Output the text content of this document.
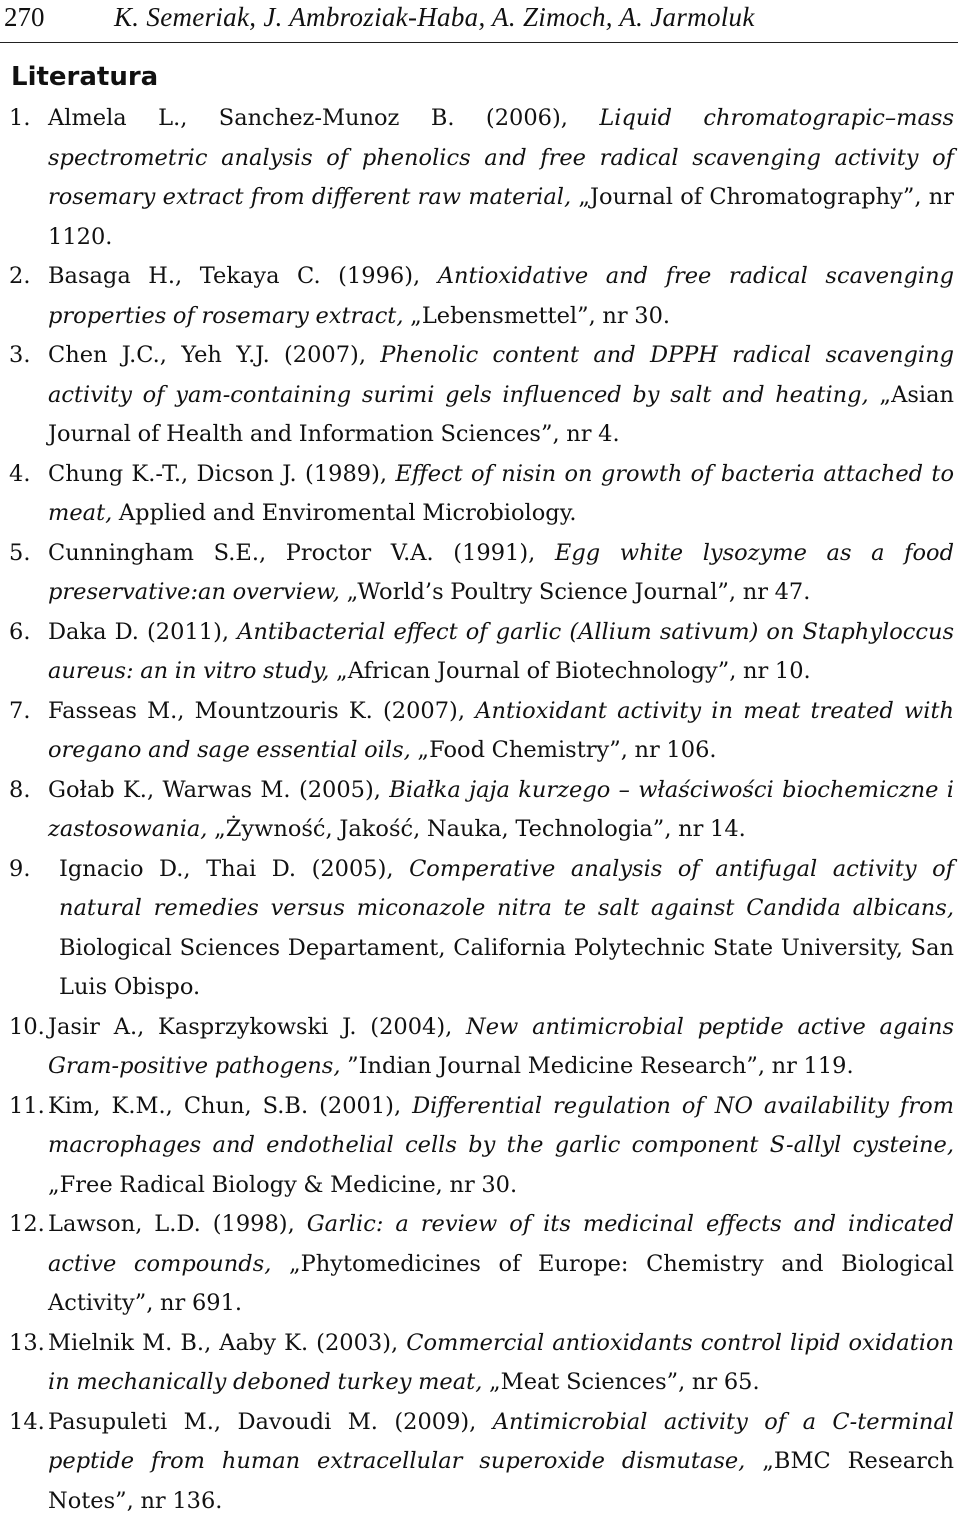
270	K. Semeriak, J. Ambroziak-Haba, A. Zimoch, A. Jarmoluk
Literatura
1. Almela L., Sanchez-Munoz B. (2006), Liquid chromatograpic–mass spectrometric analysis of phenolics and free radical scavenging activity of rosemary extract from different raw material, „Journal of Chromatography”, nr 1120.
2. Basaga H., Tekaya C. (1996), Antioxidative and free radical scavenging properties of rosemary extract, „Lebensmettel”, nr 30.
3. Chen J.C., Yeh Y.J. (2007), Phenolic content and DPPH radical scavenging activity of yam-containing surimi gels influenced by salt and heating, „Asian Journal of Health and Information Sciences”, nr 4.
4. Chung K.-T., Dicson J. (1989), Effect of nisin on growth of bacteria attached to meat, Applied and Enviromental Microbiology.
5. Cunningham S.E., Proctor V.A. (1991), Egg white lysozyme as a food preservative:an overview, „World’s Poultry Science Journal”, nr 47.
6. Daka D. (2011), Antibacterial effect of garlic (Allium sativum) on Staphyloccus aureus: an in vitro study, „African Journal of Biotechnology”, nr 10.
7. Fasseas M., Mountzouris K. (2007), Antioxidant activity in meat treated with oregano and sage essential oils, „Food Chemistry”, nr 106.
8. Gołab K., Warwas M. (2005), Białka jaja kurzego – właściwości biochemiczne i zastosowania, „Żywność, Jakość, Nauka, Technologia”, nr 14.
9. Ignacio D., Thai D. (2005), Comperative analysis of antifugal activity of natural remedies versus miconazole nitra te salt against Candida albicans, Biological Sciences Departament, California Polytechnic State University, San Luis Obispo.
10. Jasir A., Kasprzykowski J. (2004), New antimicrobial peptide active agains Gram-positive pathogens, ”Indian Journal Medicine Research”, nr 119.
11. Kim, K.M., Chun, S.B. (2001), Differential regulation of NO availability from macrophages and endothelial cells by the garlic component S-allyl cysteine, „Free Radical Biology & Medicine, nr 30.
12. Lawson, L.D. (1998), Garlic: a review of its medicinal effects and indicated active compounds, „Phytomedicines of Europe: Chemistry and Biological Activity”, nr 691.
13. Mielnik M. B., Aaby K. (2003), Commercial antioxidants control lipid oxidation in mechanically deboned turkey meat, „Meat Sciences”, nr 65.
14. Pasupuleti M., Davoudi M. (2009), Antimicrobial activity of a C-terminal peptide from human extracellular superoxide dismutase, „BMC Research Notes”, nr 136.
